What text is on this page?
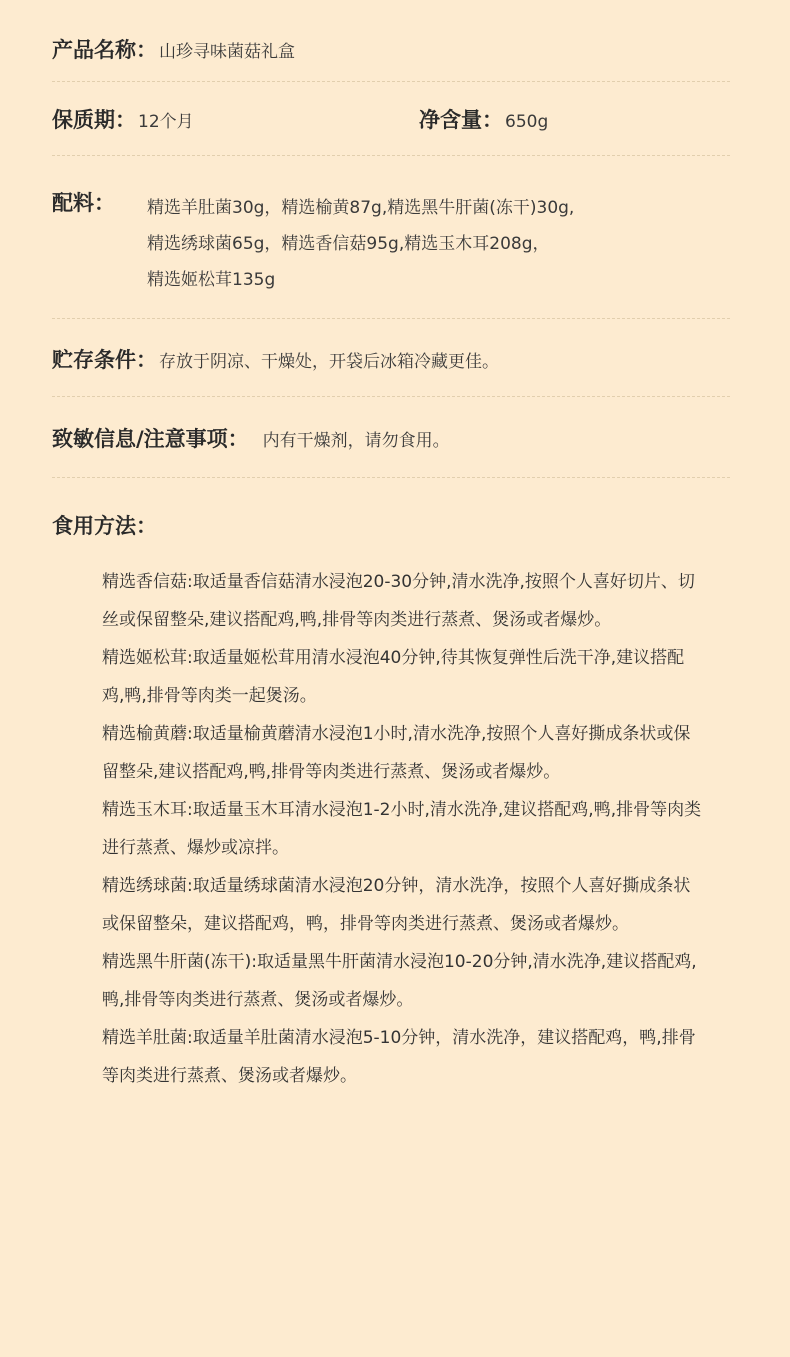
产品名称： 山珍寻味菌菇礼盒
保质期： 12个月	净含量： 650g
配料：	精选羊肚菌30g，精选榆黄87g,精选黑牛肝菌(冻干)30g,
精选绣球菌65g，精选香信菇95g,精选玉木耳208g，
精选姬松茸135g
贮存条件： 存放于阴凉、干燥处，开袋后冰箱冷藏更佳。
致敏信息/注意事项： 内有干燥剂，请勿食用。
食用方法：

精选香信菇:取适量香信菇清水浸泡20-30分钟,清水洗净,按照个人喜好切片、切丝或保留整朵,建议搭配鸡,鸭,排骨等肉类进行蒸煮、煲汤或者爆炒。

精选姬松茸:取适量姬松茸用清水浸泡40分钟,待其恢复弹性后洗干净,建议搭配鸡,鸭,排骨等肉类一起煲汤。

精选榆黄蘑:取适量榆黄蘑清水浸泡1小时,清水洗净,按照个人喜好撕成条状或保留整朵,建议搭配鸡,鸭,排骨等肉类进行蒸煮、煲汤或者爆炒。

精选玉木耳:取适量玉木耳清水浸泡1-2小时,清水洗净,建议搭配鸡,鸭,排骨等肉类进行蒸煮、爆炒或凉拌。

精选绣球菌:取适量绣球菌清水浸泡20分钟，清水洗净，按照个人喜好撕成条状或保留整朵，建议搭配鸡，鸭，排骨等肉类进行蒸煮、煲汤或者爆炒。

精选黑牛肝菌(冻干):取适量黑牛肝菌清水浸泡10-20分钟,清水洗净,建议搭配鸡,鸭,排骨等肉类进行蒸煮、煲汤或者爆炒。

精选羊肚菌:取适量羊肚菌清水浸泡5-10分钟，清水洗净，建议搭配鸡，鸭,排骨等肉类进行蒸煮、煲汤或者爆炒。
